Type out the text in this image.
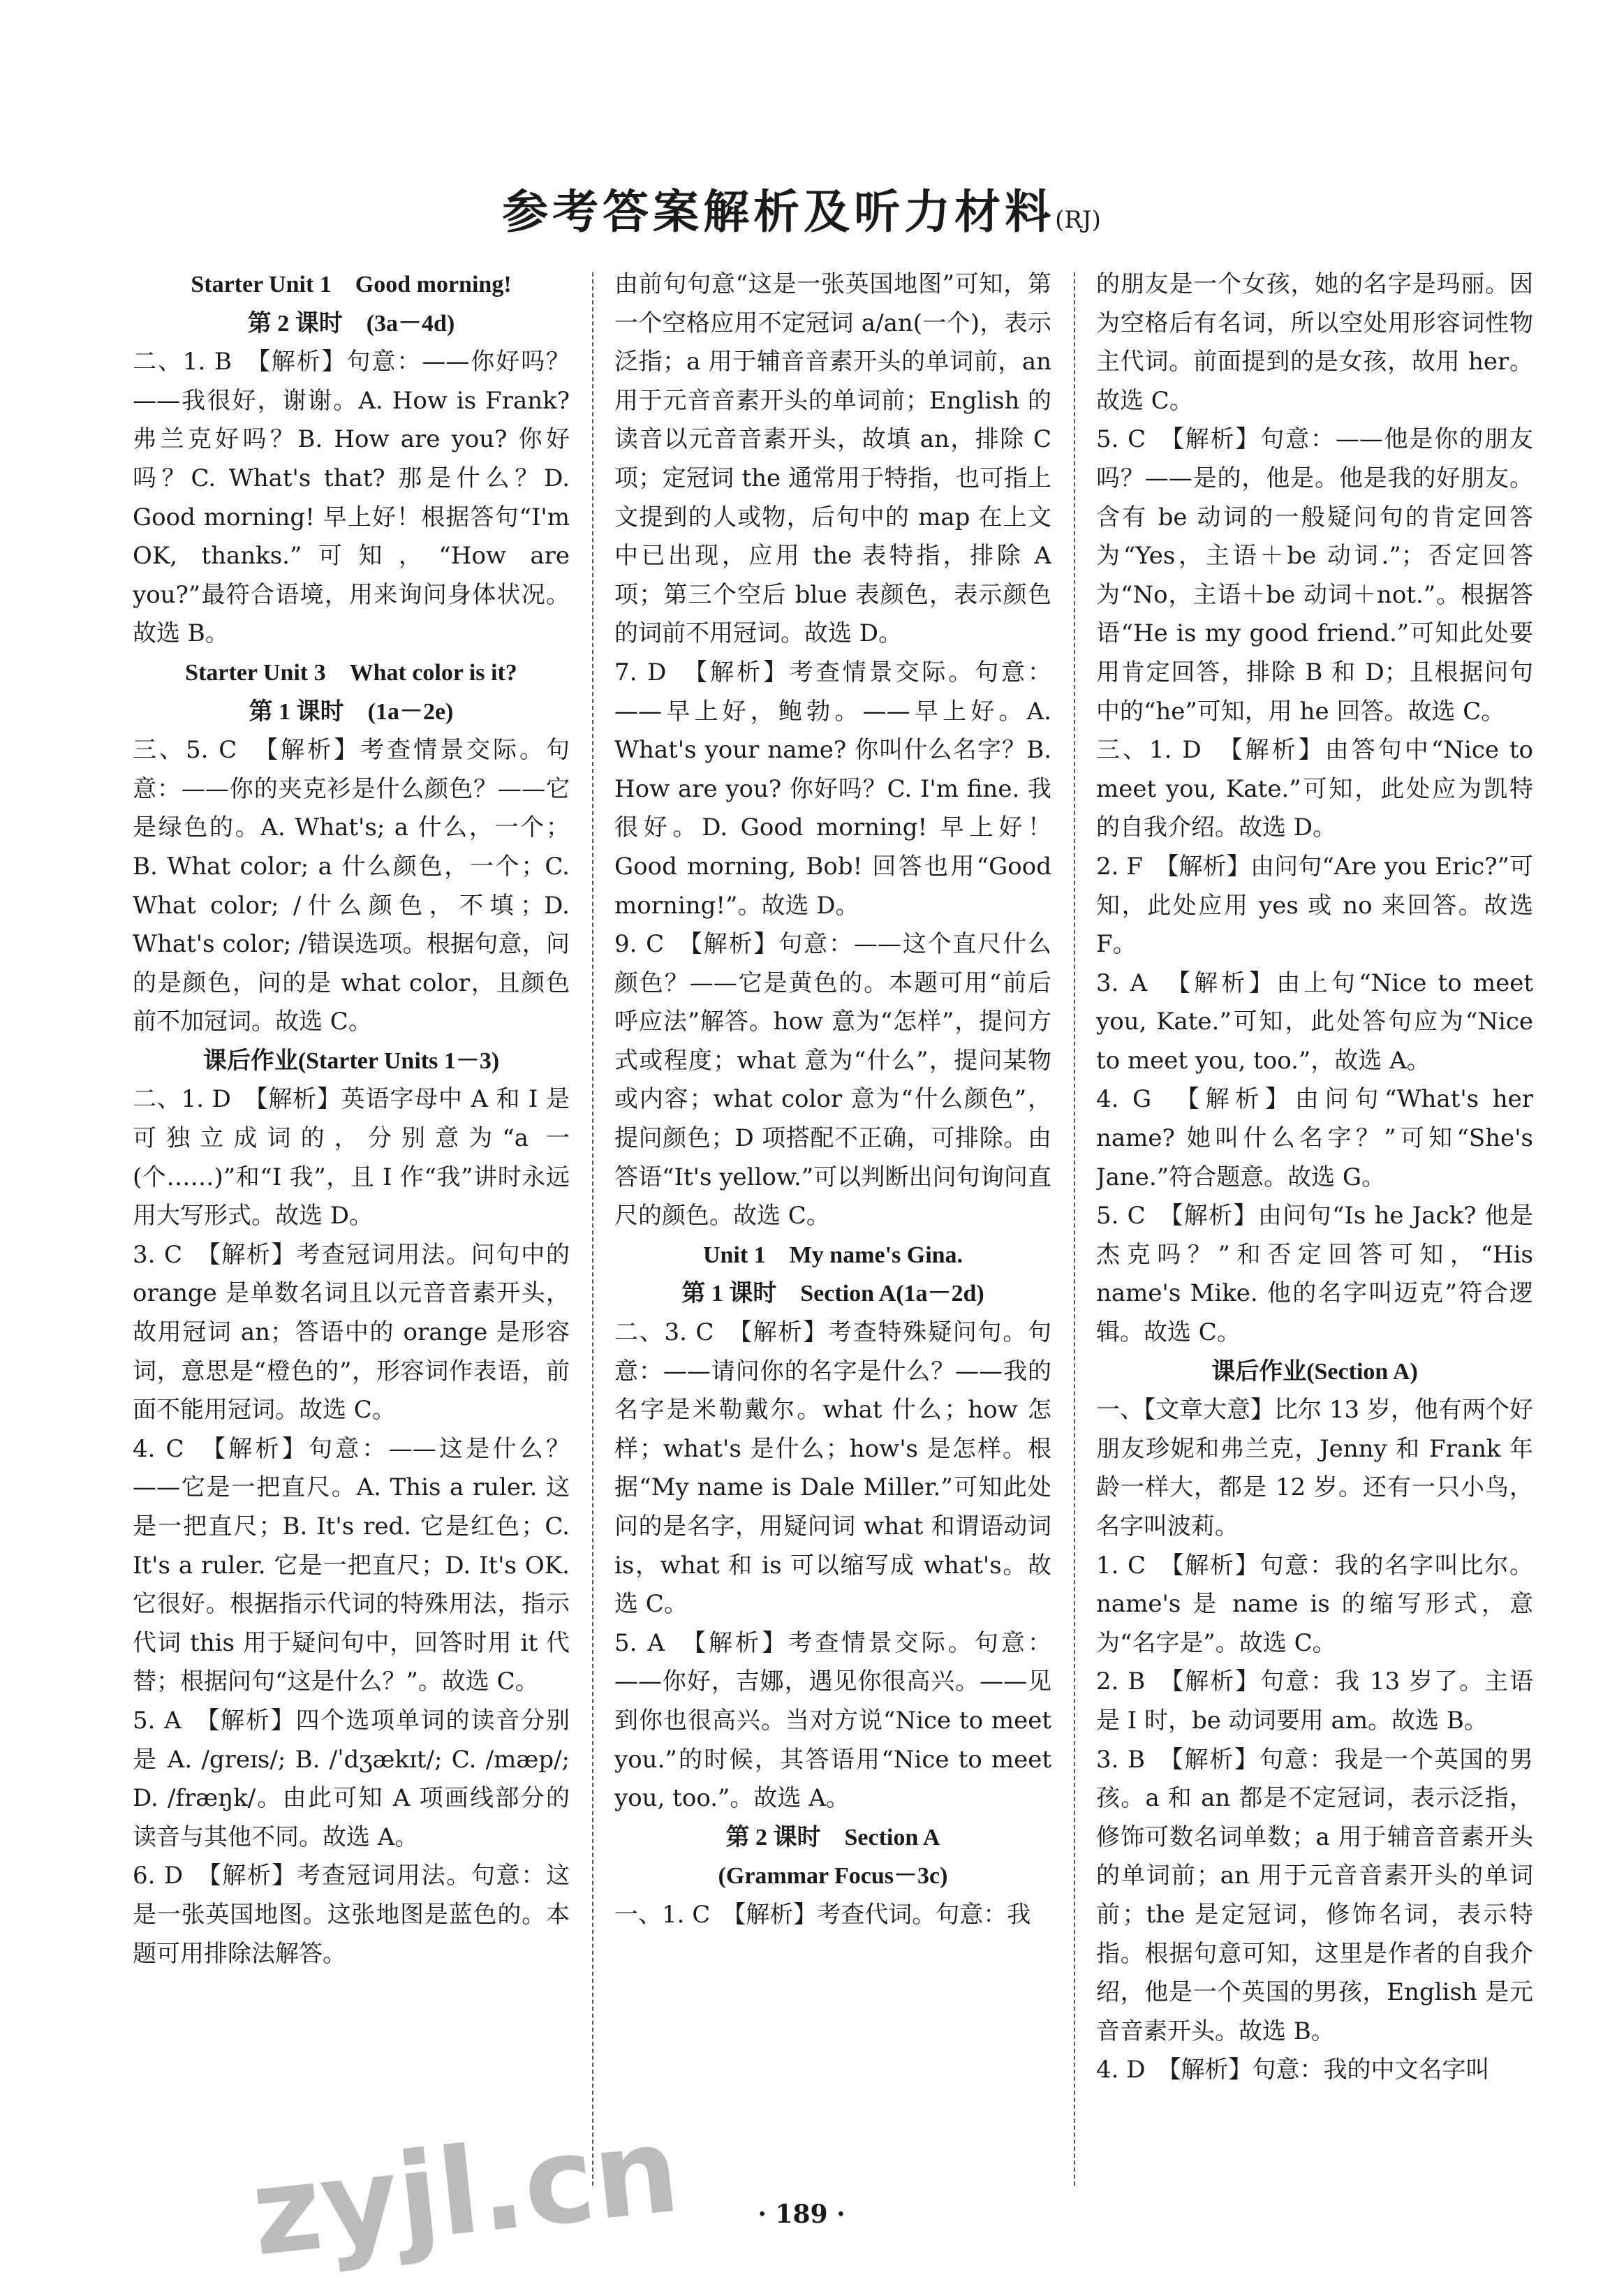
参考答案解析及听力材料(RJ)
Starter Unit 1　Good morning!
第 2 课时　(3a－4d)
二、1. B　【解析】句意：——你好吗？——我很好，谢谢。A. How is Frank? 弗兰克好吗？B. How are you? 你好吗？C. What's that? 那是什么？D. Good morning! 早上好！根据答句“I'm OK, thanks.”可知，“How are you?”最符合语境，用来询问身体状况。故选 B。
Starter Unit 3　What color is it?
第 1 课时　(1a－2e)
三、5. C　【解析】考查情景交际。句意：——你的夹克衫是什么颜色？——它是绿色的。A. What's; a 什么，一个；B. What color; a 什么颜色，一个；C. What color; /什么颜色，不填；D. What's color; /错误选项。根据句意，问的是颜色，问的是 what color，且颜色前不加冠词。故选 C。
课后作业(Starter Units 1－3)
二、1. D　【解析】英语字母中 A 和 I 是可独立成词的，分别意为“a 一(个……)”和“I 我”，且 I 作“我”讲时永远用大写形式。故选 D。
3. C　【解析】考查冠词用法。问句中的 orange 是单数名词且以元音音素开头，故用冠词 an；答语中的 orange 是形容词，意思是“橙色的”，形容词作表语，前面不能用冠词。故选 C。
4. C　【解析】句意：——这是什么？——它是一把直尺。A. This a ruler. 这是一把直尺；B. It's red. 它是红色；C. It's a ruler. 它是一把直尺；D. It's OK. 它很好。根据指示代词的特殊用法，指示代词 this 用于疑问句中，回答时用 it 代替；根据问句“这是什么？”。故选 C。
5. A　【解析】四个选项单词的读音分别是 A. /greɪs/; B. /ˈdʒækɪt/; C. /mæp/; D. /fræŋk/。由此可知 A 项画线部分的读音与其他不同。故选 A。
6. D　【解析】考查冠词用法。句意：这是一张英国地图。这张地图是蓝色的。本题可用排除法解答。
由前句句意“这是一张英国地图”可知，第一个空格应用不定冠词 a/an(一个)，表示泛指；a 用于辅音音素开头的单词前，an 用于元音音素开头的单词前；English 的读音以元音音素开头，故填 an，排除 C 项；定冠词 the 通常用于特指，也可指上文提到的人或物，后句中的 map 在上文中已出现，应用 the 表特指，排除 A 项；第三个空后 blue 表颜色，表示颜色的词前不用冠词。故选 D。
7. D　【解析】考查情景交际。句意：——早上好，鲍勃。——早上好。A. What's your name? 你叫什么名字？B. How are you? 你好吗？C. I'm fine. 我很好。D. Good morning! 早上好！Good morning, Bob! 回答也用“Good morning!”。故选 D。
9. C　【解析】句意：——这个直尺什么颜色？——它是黄色的。本题可用“前后呼应法”解答。how 意为“怎样”，提问方式或程度；what 意为“什么”，提问某物或内容；what color 意为“什么颜色”，提问颜色；D 项搭配不正确，可排除。由答语“It's yellow.”可以判断出问句询问直尺的颜色。故选 C。
Unit 1　My name's Gina.
第 1 课时　Section A(1a－2d)
二、3. C　【解析】考查特殊疑问句。句意：——请问你的名字是什么？——我的名字是米勒戴尔。what 什么；how 怎样；what's 是什么；how's 是怎样。根据“My name is Dale Miller.”可知此处问的是名字，用疑问词 what 和谓语动词 is，what 和 is 可以缩写成 what's。故选 C。
5. A　【解析】考查情景交际。句意：——你好，吉娜，遇见你很高兴。——见到你也很高兴。当对方说“Nice to meet you.”的时候，其答语用“Nice to meet you, too.”。故选 A。
第 2 课时　Section A
(Grammar Focus－3c)
一、1. C　【解析】考查代词。句意：我
的朋友是一个女孩，她的名字是玛丽。因为空格后有名词，所以空处用形容词性物主代词。前面提到的是女孩，故用 her。故选 C。
5. C　【解析】句意：——他是你的朋友吗？——是的，他是。他是我的好朋友。含有 be 动词的一般疑问句的肯定回答为“Yes，主语＋be 动词.”；否定回答为“No，主语＋be 动词＋not.”。根据答语“He is my good friend.”可知此处要用肯定回答，排除 B 和 D；且根据问句中的“he”可知，用 he 回答。故选 C。
三、1. D　【解析】由答句中“Nice to meet you, Kate.”可知，此处应为凯特的自我介绍。故选 D。
2. F　【解析】由问句“Are you Eric?”可知，此处应用 yes 或 no 来回答。故选 F。
3. A　【解析】由上句“Nice to meet you, Kate.”可知，此处答句应为“Nice to meet you, too.”，故选 A。
4. G　【解析】由问句“What's her name? 她叫什么名字？”可知“She's Jane.”符合题意。故选 G。
5. C　【解析】由问句“Is he Jack? 他是杰克吗？”和否定回答可知，“His name's Mike. 他的名字叫迈克”符合逻辑。故选 C。
课后作业(Section A)
一、【文章大意】比尔 13 岁，他有两个好朋友珍妮和弗兰克，Jenny 和 Frank 年龄一样大，都是 12 岁。还有一只小鸟，名字叫波莉。
1. C　【解析】句意：我的名字叫比尔。name's 是 name is 的缩写形式，意为“名字是”。故选 C。
2. B　【解析】句意：我 13 岁了。主语是 I 时，be 动词要用 am。故选 B。
3. B　【解析】句意：我是一个英国的男孩。a 和 an 都是不定冠词，表示泛指，修饰可数名词单数；a 用于辅音音素开头的单词前；an 用于元音音素开头的单词前；the 是定冠词，修饰名词，表示特指。根据句意可知，这里是作者的自我介绍，他是一个英国的男孩，English 是元音音素开头。故选 B。
4. D　【解析】句意：我的中文名字叫
zyjl.cn	· 189 ·
